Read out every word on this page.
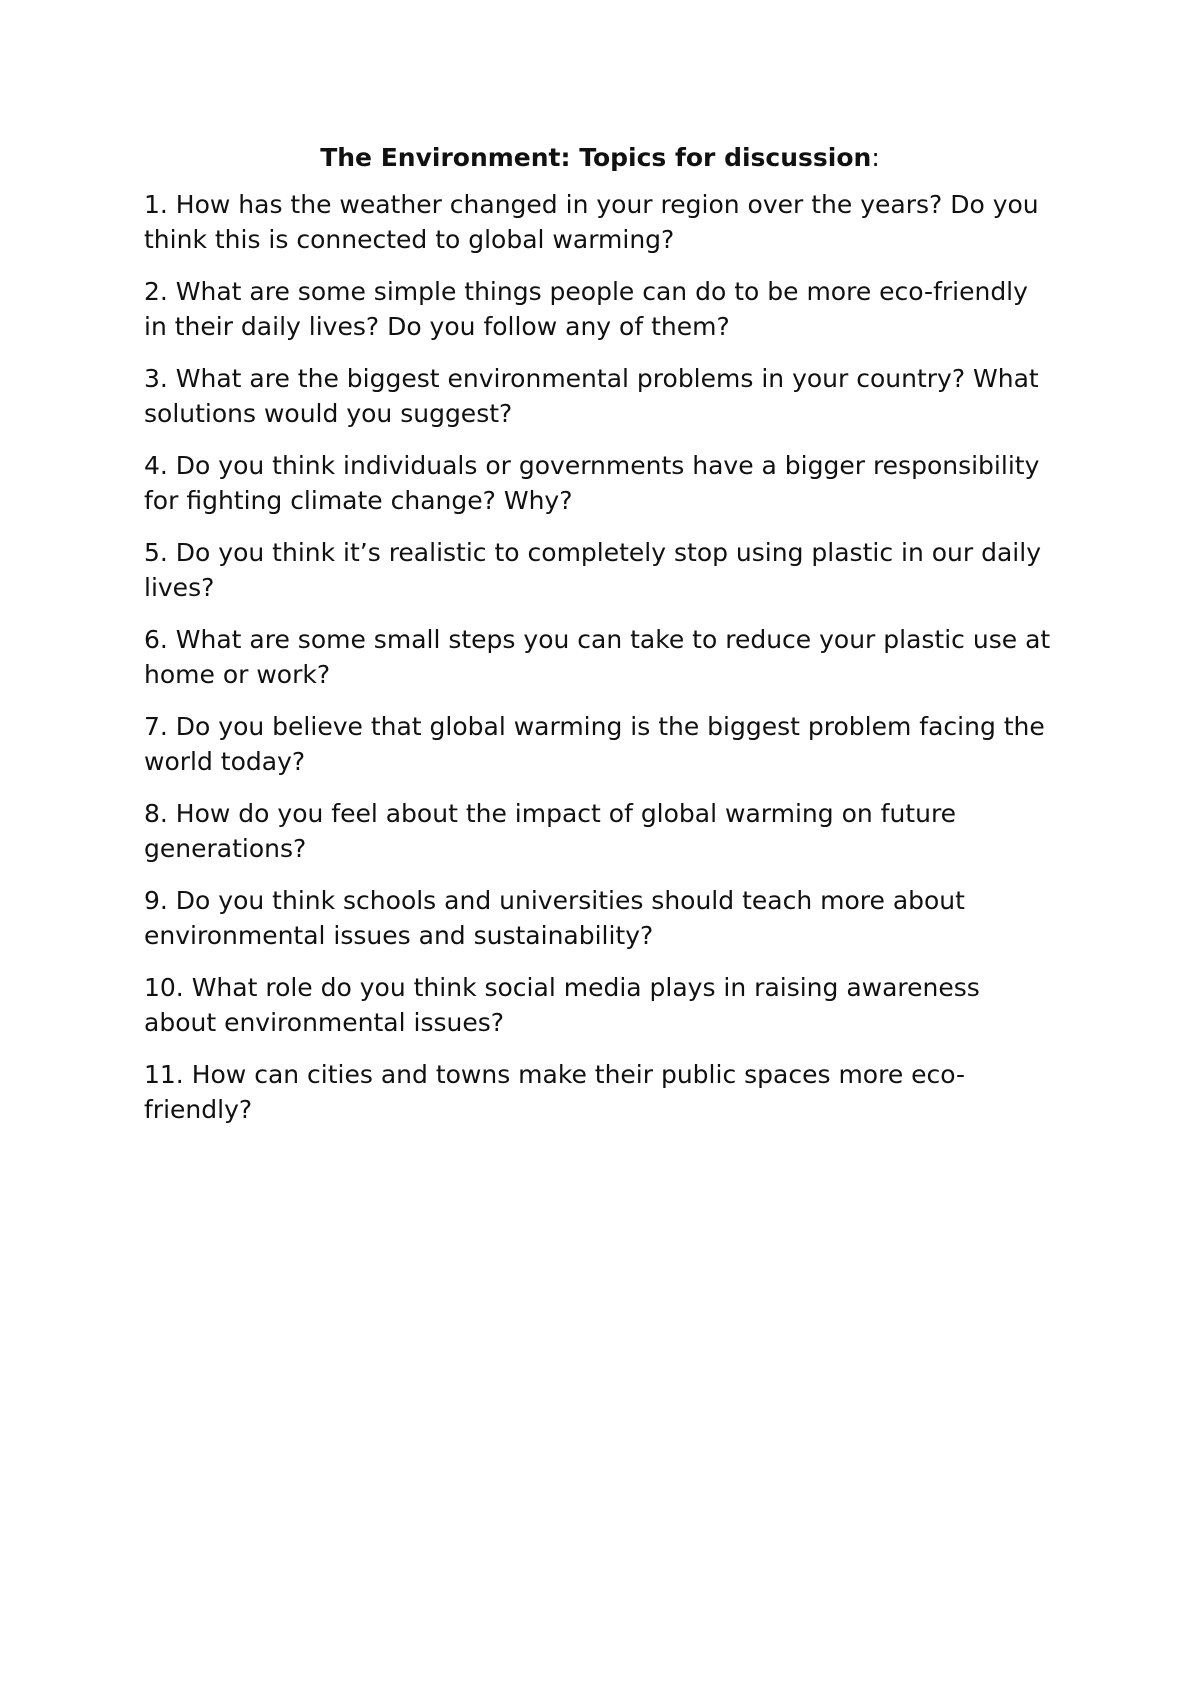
The Environment: Topics for discussion:

1. How has the weather changed in your region over the years? Do you think this is connected to global warming?

2. What are some simple things people can do to be more eco-friendly in their daily lives? Do you follow any of them?

3. What are the biggest environmental problems in your country? What solutions would you suggest?

4. Do you think individuals or governments have a bigger responsibility for fighting climate change? Why?

5. Do you think it’s realistic to completely stop using plastic in our daily lives?

6. What are some small steps you can take to reduce your plastic use at home or work?

7. Do you believe that global warming is the biggest problem facing the world today?

8. How do you feel about the impact of global warming on future generations?

9. Do you think schools and universities should teach more about environmental issues and sustainability?

10. What role do you think social media plays in raising awareness about environmental issues?

11. How can cities and towns make their public spaces more eco-friendly?
